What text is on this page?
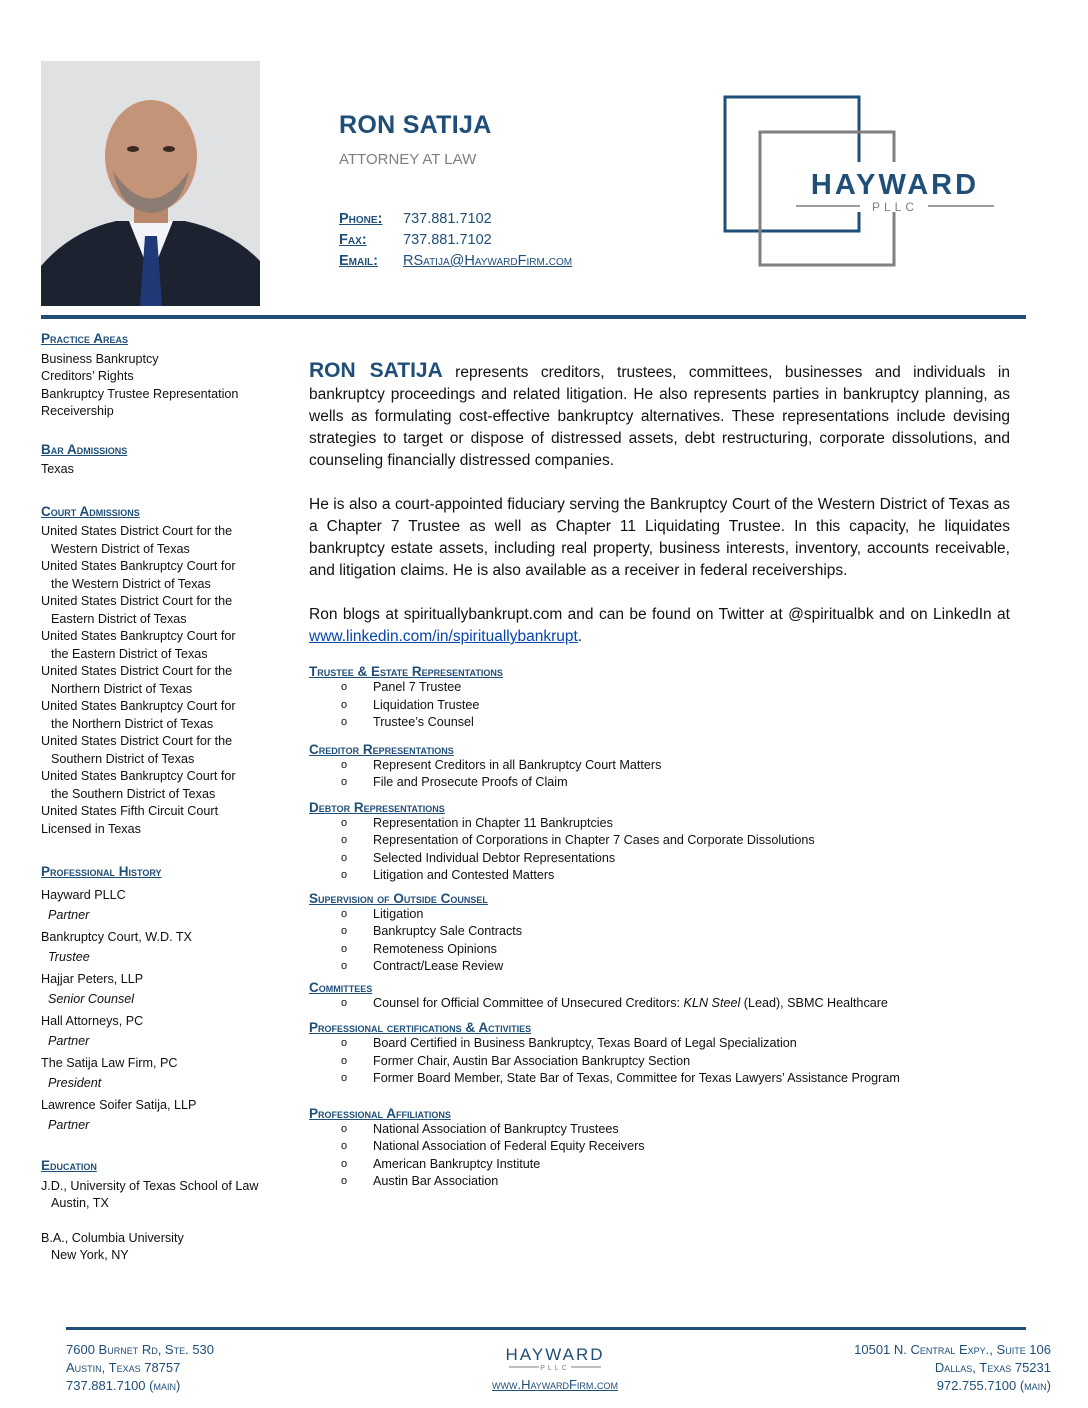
RON SATIJA
ATTORNEY AT LAW
Phone: 737.881.7102
Fax:	737.881.7102
Email: RSatija@HaywardFirm.com
HAYWARD
PLLC
Practice Areas
Business Bankruptcy
Creditors’ Rights
Bankruptcy Trustee Representation
Receivership
Bar Admissions
Texas
Court Admissions
United States District Court for the
Western District of Texas
United States Bankruptcy Court for
the Western District of Texas
United States District Court for the
Eastern District of Texas
United States Bankruptcy Court for
the Eastern District of Texas
United States District Court for the
Northern District of Texas
United States Bankruptcy Court for
the Northern District of Texas
United States District Court for the
Southern District of Texas
United States Bankruptcy Court for
the Southern District of Texas
United States Fifth Circuit Court
Licensed in Texas
Professional History
Hayward PLLC
Partner
Bankruptcy Court, W.D. TX
Trustee
Hajjar Peters, LLP
Senior Counsel
Hall Attorneys, PC
Partner
The Satija Law Firm, PC
President
Lawrence Soifer Satija, LLP
Partner
Education
J.D., University of Texas School of Law
Austin, TX
B.A., Columbia University
New York, NY

RON SATIJA represents creditors, trustees, committees, businesses and individuals in bankruptcy proceedings and related litigation. He also represents parties in bankruptcy planning, as wells as formulating cost-effective bankruptcy alternatives. These representations include devising strategies to target or dispose of distressed assets, debt restructuring, corporate dissolutions, and counseling financially distressed companies.

He is also a court-appointed fiduciary serving the Bankruptcy Court of the Western District of Texas as a Chapter 7 Trustee as well as Chapter 11 Liquidating Trustee. In this capacity, he liquidates bankruptcy estate assets, including real property, business interests, inventory, accounts receivable, and litigation claims. He is also available as a receiver in federal receiverships.

Ron blogs at spirituallybankrupt.com and can be found on Twitter at @spiritualbk and on LinkedIn at www.linkedin.com/in/spirituallybankrupt.

Trustee & Estate Representations
o Panel 7 Trustee
o Liquidation Trustee
o Trustee’s Counsel
Creditor Representations
o Represent Creditors in all Bankruptcy Court Matters
o File and Prosecute Proofs of Claim
Debtor Representations
o Representation in Chapter 11 Bankruptcies
o Representation of Corporations in Chapter 7 Cases and Corporate Dissolutions
o Selected Individual Debtor Representations
o Litigation and Contested Matters
Supervision of Outside Counsel
o Litigation
o Bankruptcy Sale Contracts
o Remoteness Opinions
o Contract/Lease Review
Committees
o Counsel for Official Committee of Unsecured Creditors: KLN Steel (Lead), SBMC Healthcare
Professional certifications & Activities
o Board Certified in Business Bankruptcy, Texas Board of Legal Specialization
o Former Chair, Austin Bar Association Bankruptcy Section
o Former Board Member, State Bar of Texas, Committee for Texas Lawyers’ Assistance Program
Professional Affiliations
o National Association of Bankruptcy Trustees
o National Association of Federal Equity Receivers
o American Bankruptcy Institute
o Austin Bar Association
7600 Burnet Rd, Ste. 530
Austin, Texas 78757
737.881.7100 (main)
HAYWARD
PLLC
www.HaywardFirm.com
10501 N. Central Expy., Suite 106
Dallas, Texas 75231
972.755.7100 (main)
